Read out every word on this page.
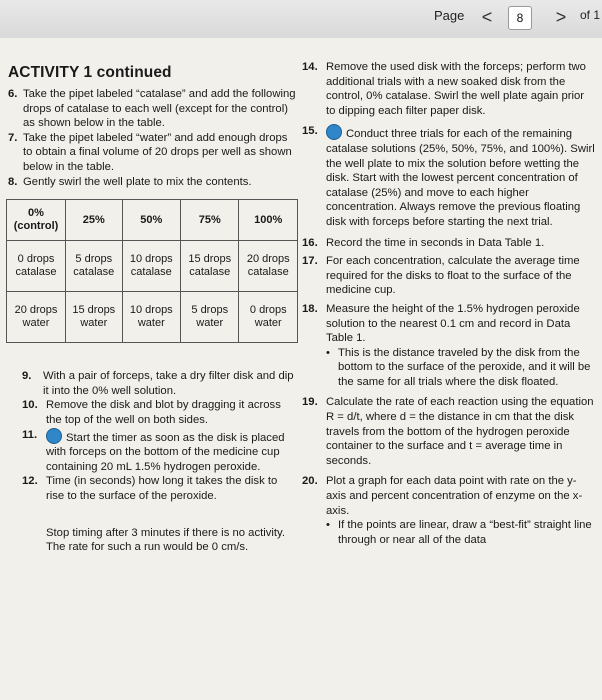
Page <	8	>	of 1
ACTIVITY 1 continued
6. Take the pipet labeled “catalase” and add the following drops of catalase to each well (except for the control) as shown below in the table.
7. Take the pipet labeled “water” and add enough drops to obtain a final volume of 20 drops per well as shown below in the table.
8. Gently swirl the well plate to mix the contents.
0% (control)	25%	50%	75%	100%
0 drops catalase	5 drops catalase	10 drops catalase	15 drops catalase	20 drops catalase
20 drops water	15 drops water	10 drops water	5 drops water	0 drops water
9.	With a pair of forceps, take a dry filter disk and dip it into the 0% well solution.
10. Remove the disk and blot by dragging it across the top of the well on both sides.
11.	Start the timer as soon as the disk is placed with forceps on the bottom of the medicine cup containing 20 mL 1.5% hydrogen peroxide.
12. Time (in seconds) how long it takes the disk to rise to the surface of the peroxide.
Stop timing after 3 minutes if there is no activity. The rate for such a run would be 0 cm/s.
14. Remove the used disk with the forceps; perform two additional trials with a new soaked disk from the control, 0% catalase. Swirl the well plate again prior to dipping each filter paper disk.
15.	Conduct three trials for each of the remaining catalase solutions (25%, 50%, 75%, and 100%). Swirl the well plate to mix the solution before wetting the disk. Start with the lowest percent concentration of catalase (25%) and move to each higher concentration. Always remove the previous floating disk with forceps before starting the next trial.
16. Record the time in seconds in Data Table 1.
17. For each concentration, calculate the average time required for the disks to float to the surface of the medicine cup.
18. Measure the height of the 1.5% hydrogen peroxide solution to the nearest 0.1 cm and record in Data Table 1.
• This is the distance traveled by the disk from the bottom to the surface of the peroxide, and it will be the same for all trials where the disk floated.
19. Calculate the rate of each reaction using the equation R = d/t, where d = the distance in cm that the disk travels from the bottom of the hydrogen peroxide container to the surface and t = average time in seconds.
20. Plot a graph for each data point with rate on the y-axis and percent concentration of enzyme on the x-axis.
• If the points are linear, draw a “best-fit” straight line through or near all of the data
